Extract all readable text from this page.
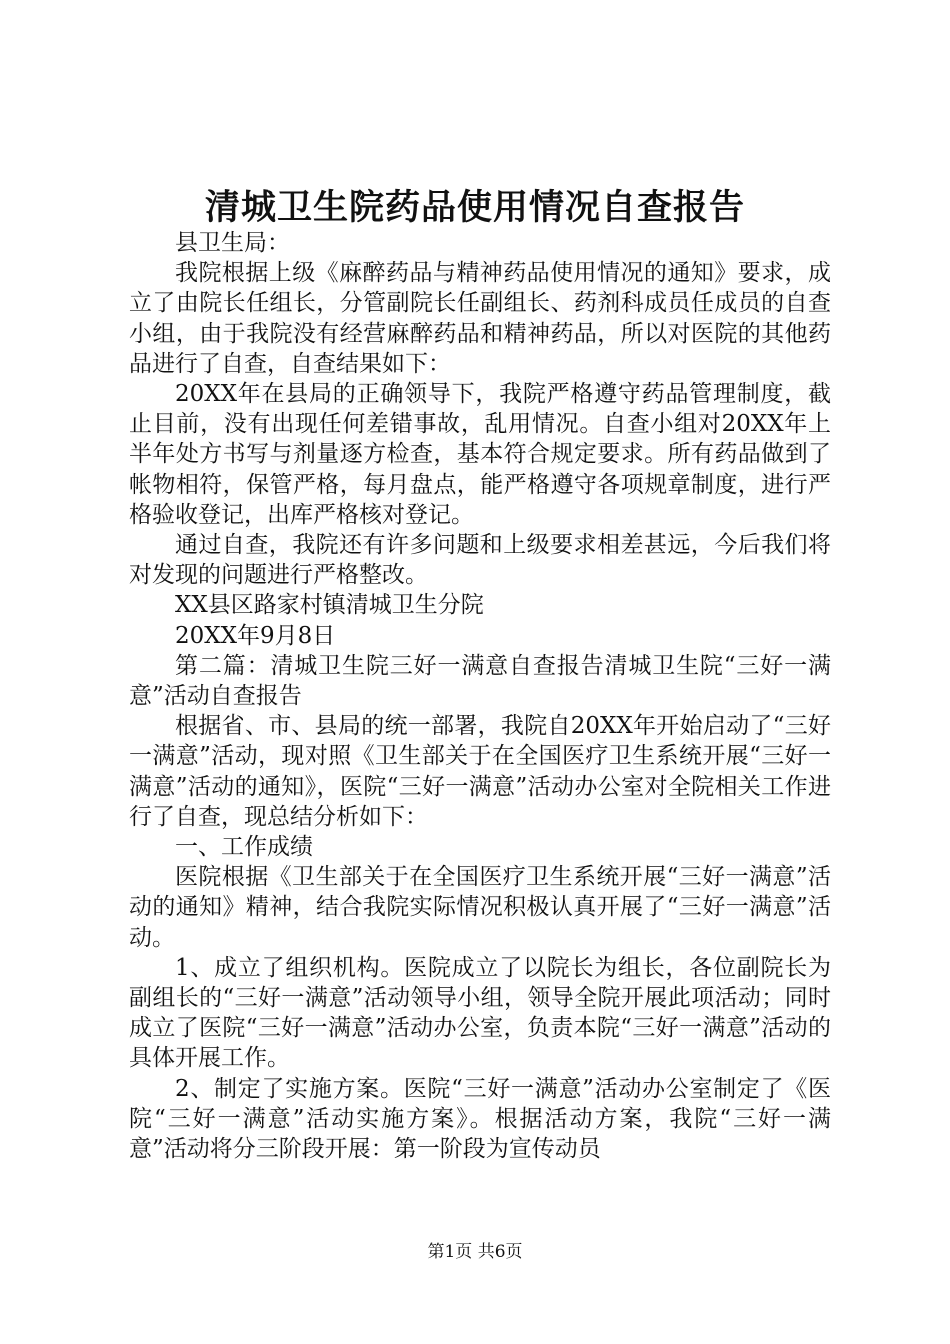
清城卫生院药品使用情况自查报告

县卫生局：

我院根据上级《麻醉药品与精神药品使用情况的通知》要求，成立了由院长任组长，分管副院长任副组长、药剂科成员任成员的自查小组，由于我院没有经营麻醉药品和精神药品，所以对医院的其他药品进行了自查，自查结果如下：

20XX年在县局的正确领导下，我院严格遵守药品管理制度，截止目前，没有出现任何差错事故，乱用情况。自查小组对20XX年上半年处方书写与剂量逐方检查，基本符合规定要求。所有药品做到了帐物相符，保管严格，每月盘点，能严格遵守各项规章制度，进行严格验收登记，出库严格核对登记。

通过自查，我院还有许多问题和上级要求相差甚远，今后我们将对发现的问题进行严格整改。

XX县区路家村镇清城卫生分院

20XX年9月8日

第二篇：清城卫生院三好一满意自查报告清城卫生院“三好一满意”活动自查报告

根据省、市、县局的统一部署，我院自20XX年开始启动了“三好一满意”活动，现对照《卫生部关于在全国医疗卫生系统开展“三好一满意”活动的通知》，医院“三好一满意”活动办公室对全院相关工作进行了自查，现总结分析如下：

一、工作成绩

医院根据《卫生部关于在全国医疗卫生系统开展“三好一满意”活动的通知》精神，结合我院实际情况积极认真开展了“三好一满意”活动。

1、成立了组织机构。医院成立了以院长为组长，各位副院长为副组长的“三好一满意”活动领导小组，领导全院开展此项活动；同时成立了医院“三好一满意”活动办公室，负责本院“三好一满意”活动的具体开展工作。

2、制定了实施方案。医院“三好一满意”活动办公室制定了《医院“三好一满意”活动实施方案》。根据活动方案，我院“三好一满意”活动将分三阶段开展：第一阶段为宣传动员

第1页 共6页
